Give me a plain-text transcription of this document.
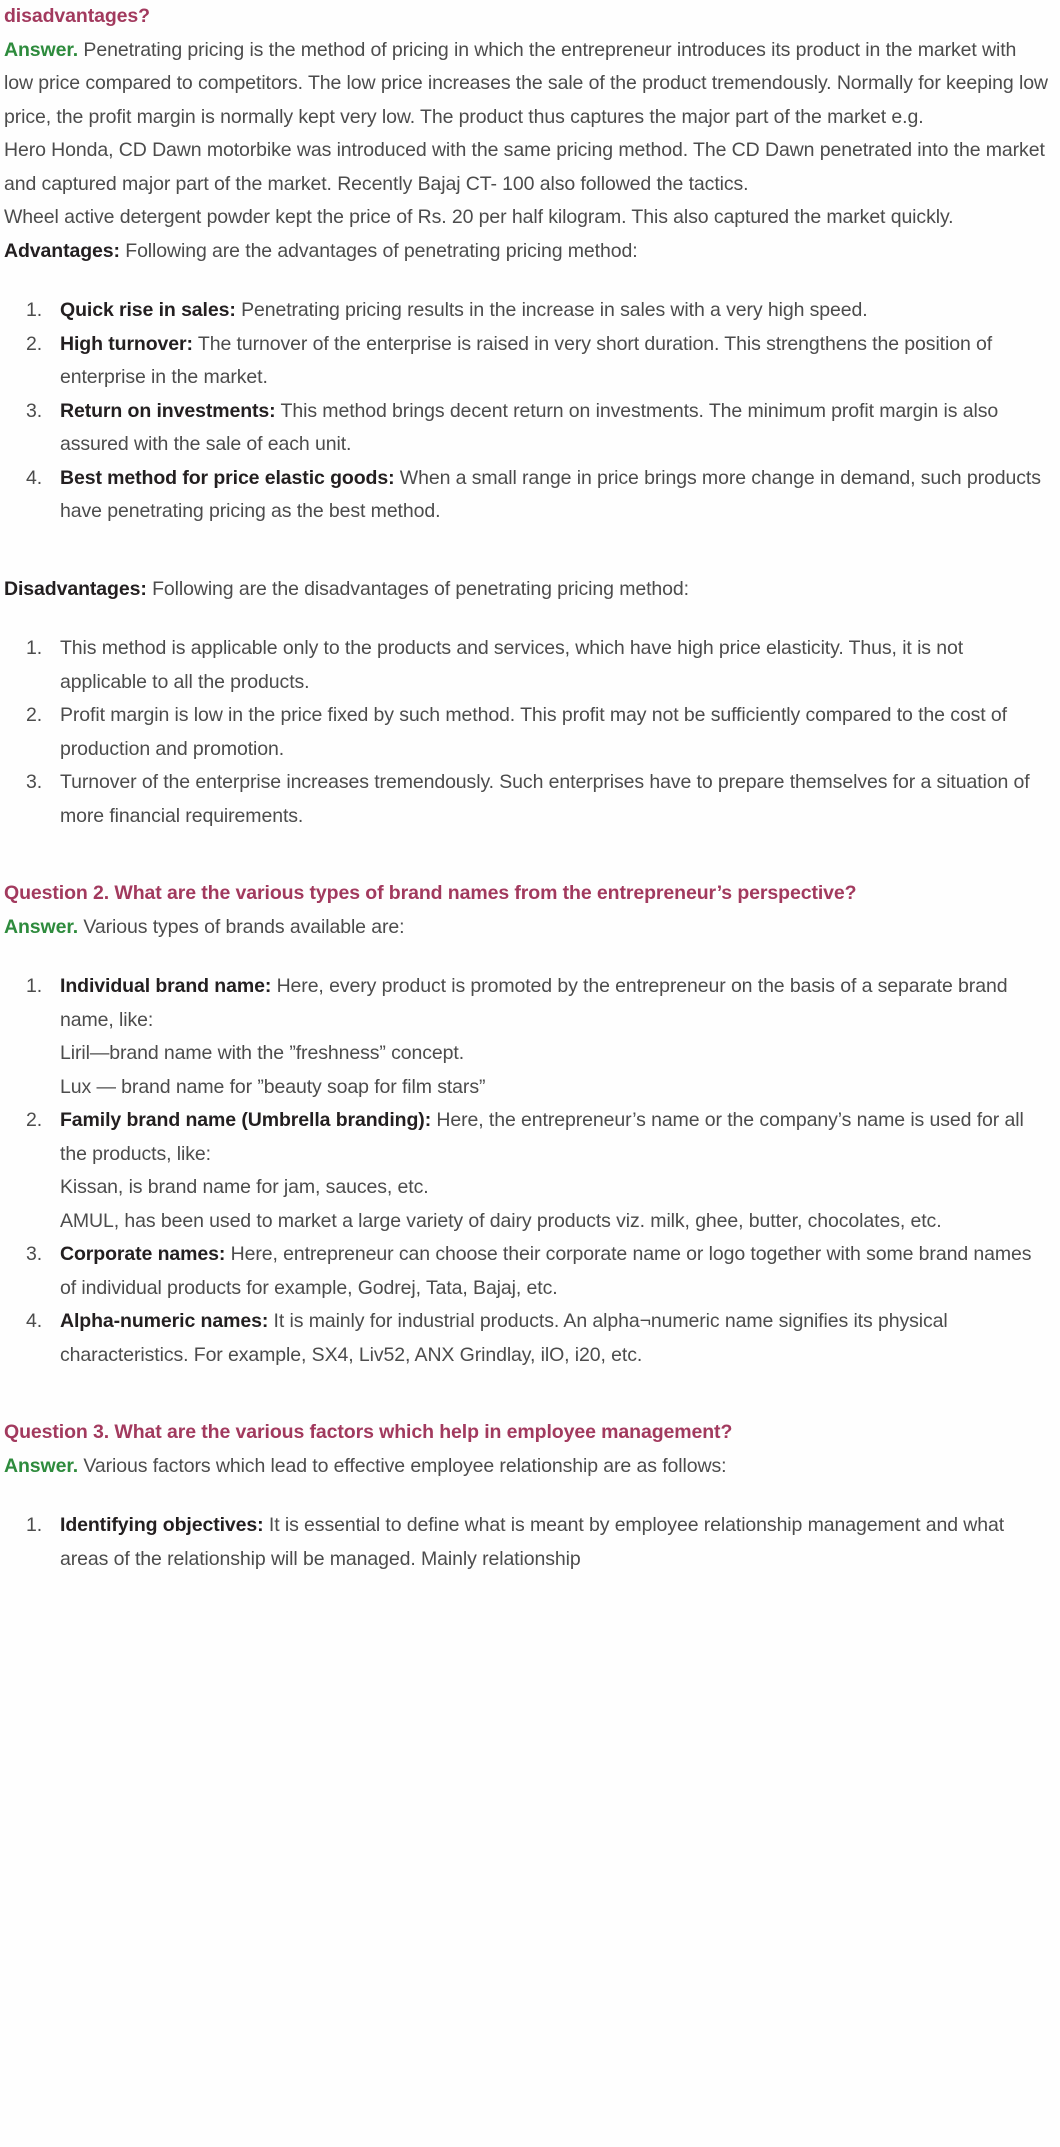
disadvantages?

Answer. Penetrating pricing is the method of pricing in which the entrepreneur introduces its product in the market with low price compared to competitors. The low price increases the sale of the product tremendously. Normally for keeping low price, the profit margin is normally kept very low. The product thus captures the major part of the market e.g.

Hero Honda, CD Dawn motorbike was introduced with the same pricing method. The CD Dawn penetrated into the market and captured major part of the market. Recently Bajaj CT- 100 also followed the tactics.

Wheel active detergent powder kept the price of Rs. 20 per half kilogram. This also captured the market quickly.

Advantages: Following are the advantages of penetrating pricing method:

Quick rise in sales: Penetrating pricing results in the increase in sales with a very high speed.
High turnover: The turnover of the enterprise is raised in very short duration. This strengthens the position of enterprise in the market.
Return on investments: This method brings decent return on investments. The minimum profit margin is also assured with the sale of each unit.
Best method for price elastic goods: When a small range in price brings more change in demand, such products have penetrating pricing as the best method.

Disadvantages: Following are the disadvantages of penetrating pricing method:

This method is applicable only to the products and services, which have high price elasticity. Thus, it is not applicable to all the products.
Profit margin is low in the price fixed by such method. This profit may not be sufficiently compared to the cost of production and promotion.
Turnover of the enterprise increases tremendously. Such enterprises have to prepare themselves for a situation of more financial requirements.

Question 2. What are the various types of brand names from the entrepreneur’s perspective?

Answer. Various types of brands available are:

Individual brand name: Here, every product is promoted by the entrepreneur on the basis of a separate brand name, like:
Liril—brand name with the ”freshness” concept.
Lux — brand name for ”beauty soap for film stars”
Family brand name (Umbrella branding): Here, the entrepreneur’s name or the company’s name is used for all the products, like:
Kissan, is brand name for jam, sauces, etc.
AMUL, has been used to market a large variety of dairy products viz. milk, ghee, butter, chocolates, etc.
Corporate names: Here, entrepreneur can choose their corporate name or logo together with some brand names of individual products for example, Godrej, Tata, Bajaj, etc.
Alpha-numeric names: It is mainly for industrial products. An alpha¬numeric name signifies its physical characteristics. For example, SX4, Liv52, ANX Grindlay, ilO, i20, etc.

Question 3. What are the various factors which help in employee management?

Answer. Various factors which lead to effective employee relationship are as follows:

Identifying objectives: It is essential to define what is meant by employee relationship management and what areas of the relationship will be managed. Mainly relationship
